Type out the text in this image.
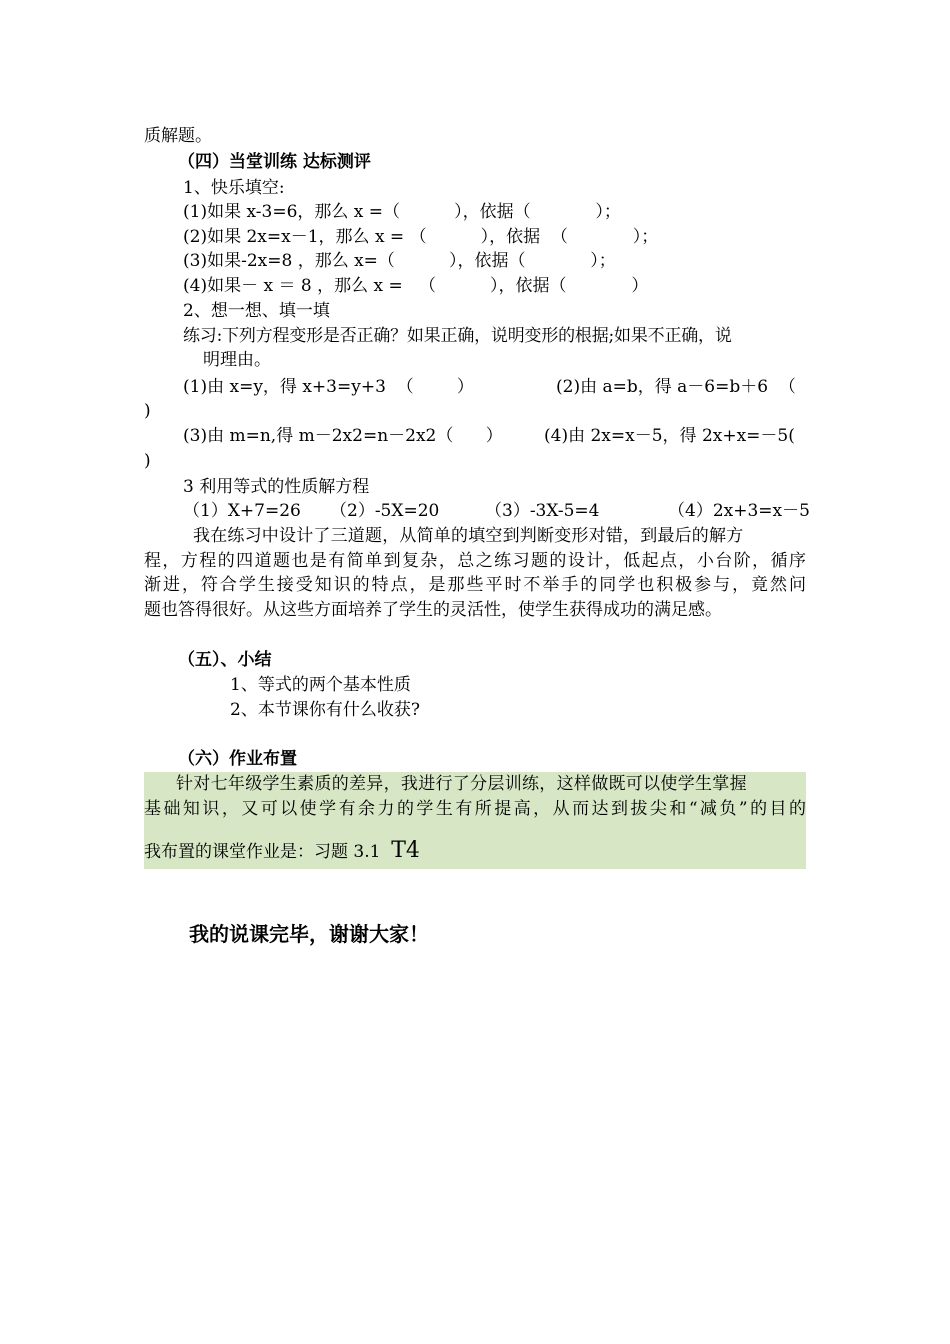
质解题。
（四）当堂训练 达标测评
1、快乐填空:
(1)如果 x-3=6，那么 x =（          ），依据（            ）；
(2)如果 2x=x－1，那么 x = （          ），依据  （            ）；
(3)如果-2x=8 ，那么 x=（          ），依据（            ）；
(4)如果－ x ＝ 8 ，那么 x =   （          ），依据（            ）
2、想一想、填一填
练习:下列方程变形是否正确？如果正确，说明变形的根据;如果不正确，说
明理由。
(1)由 x=y，得 x+3=y+3  （        ）	(2)由 a=b，得 a－6=b＋6  （
)
(3)由 m=n,得 m－2x2=n－2x2（      ） (4)由 2x=x－5，得 2x+x=－5(
)
3 利用等式的性质解方程
（1）X+7=26 （2）-5X=20	（3）-3X-5=4	（4）2x+3=x－5
我在练习中设计了三道题，从简单的填空到判断变形对错，到最后的解方
程，方程的四道题也是有简单到复杂，总之练习题的设计，低起点，小台阶，循序
渐进，符合学生接受知识的特点，是那些平时不举手的同学也积极参与，竟然问
题也答得很好。从这些方面培养了学生的灵活性，使学生获得成功的满足感。
（五）、小结
1、等式的两个基本性质
2、本节课你有什么收获?
（六）作业布置
针对七年级学生素质的差异，我进行了分层训练，这样做既可以使学生掌握
基础知识，又可以使学有余力的学生有所提高，从而达到拔尖和“减负”的目的
我布置的课堂作业是：习题 3.1  T4
我的说课完毕，谢谢大家！
